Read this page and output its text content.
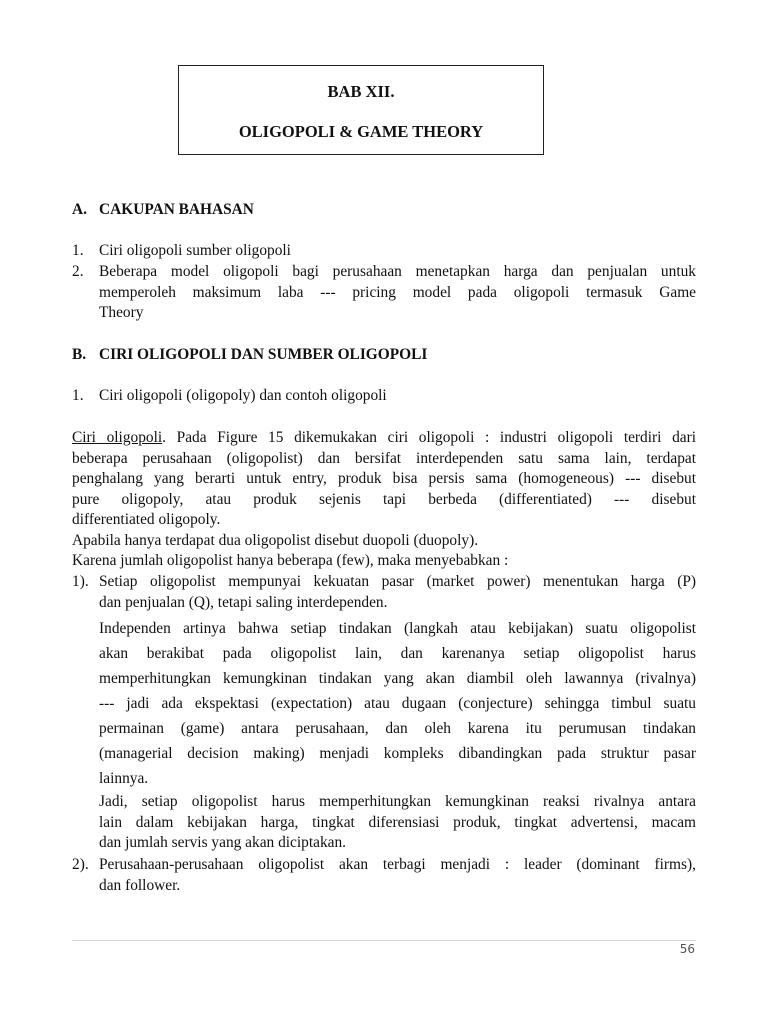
BAB XII.
OLIGOPOLI & GAME THEORY
A. CAKUPAN BAHASAN
1. Ciri oligopoli sumber oligopoli
2. Beberapa model oligopoli bagi perusahaan menetapkan harga dan penjualan untuk
memperoleh maksimum laba --- pricing model pada oligopoli termasuk Game
Theory
B. CIRI OLIGOPOLI DAN SUMBER OLIGOPOLI
1. Ciri oligopoli (oligopoly) dan contoh oligopoli
Ciri oligopoli. Pada Figure 15 dikemukakan ciri oligopoli : industri oligopoli terdiri dari
beberapa perusahaan (oligopolist) dan bersifat interdependen satu sama lain, terdapat
penghalang yang berarti untuk entry, produk bisa persis sama (homogeneous) --- disebut
pure oligopoly, atau produk sejenis tapi berbeda (differentiated) --- disebut
differentiated oligopoly.
Apabila hanya terdapat dua oligopolist disebut duopoli (duopoly).
Karena jumlah oligopolist hanya beberapa (few), maka menyebabkan :
1). Setiap oligopolist mempunyai kekuatan pasar (market power) menentukan harga (P)
dan penjualan (Q), tetapi saling interdependen.
Independen artinya bahwa setiap tindakan (langkah atau kebijakan) suatu oligopolist
akan berakibat pada oligopolist lain, dan karenanya setiap oligopolist harus
memperhitungkan kemungkinan tindakan yang akan diambil oleh lawannya (rivalnya)
--- jadi ada ekspektasi (expectation) atau dugaan (conjecture) sehingga timbul suatu
permainan (game) antara perusahaan, dan oleh karena itu perumusan tindakan
(managerial decision making) menjadi kompleks dibandingkan pada struktur pasar
lainnya.
Jadi, setiap oligopolist harus memperhitungkan kemungkinan reaksi rivalnya antara
lain dalam kebijakan harga, tingkat diferensiasi produk, tingkat advertensi, macam
dan jumlah servis yang akan diciptakan.
2). Perusahaan-perusahaan oligopolist akan terbagi menjadi : leader (dominant firms),
dan follower.
56
